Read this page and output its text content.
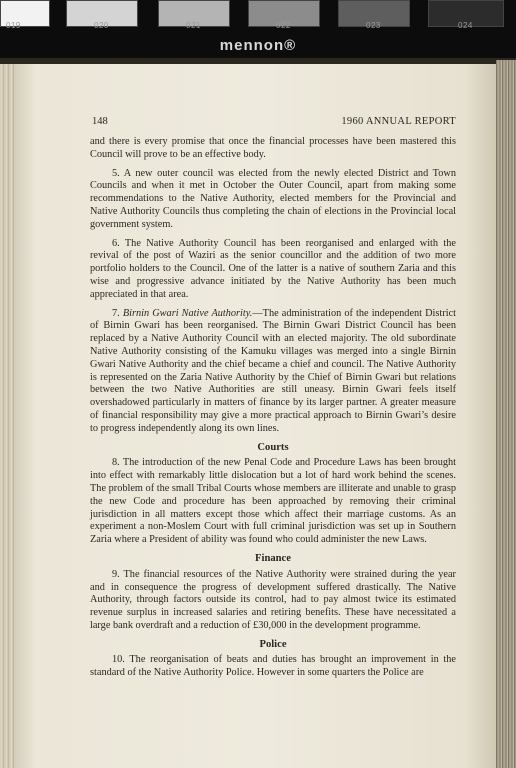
019	020	021	022	023	024
mennon®
148	1960 ANNUAL REPORT

and there is every promise that once the financial processes have been mastered this Council will prove to be an effective body.

5. A new outer council was elected from the newly elected District and Town Councils and when it met in October the Outer Council, apart from making some recommendations to the Native Authority, elected members for the Provincial and Native Authority Councils thus completing the chain of elections in the Provincial local government system.

6. The Native Authority Council has been reorganised and enlarged with the revival of the post of Waziri as the senior councillor and the addition of two more portfolio holders to the Council. One of the latter is a native of southern Zaria and this wise and progressive advance initiated by the Native Authority has been much appreciated in that area.

7. Birnin Gwari Native Authority.—The administration of the independent District of Birnin Gwari has been reorganised. The Birnin Gwari District Council has been replaced by a Native Authority Council with an elected majority. The old subordinate Native Authority consisting of the Kamuku villages was merged into a single Birnin Gwari Native Authority and the chief became a chief and council. The Native Authority is represented on the Zaria Native Authority by the Chief of Birnin Gwari but relations between the two Native Authorities are still uneasy. Birnin Gwari feels itself overshadowed particularly in matters of finance by its larger partner. A greater measure of financial responsibility may give a more practical approach to Birnin Gwari’s desire to progress independently along its own lines.

Courts

8. The introduction of the new Penal Code and Procedure Laws has been brought into effect with remarkably little dislocation but a lot of hard work behind the scenes. The problem of the small Tribal Courts whose members are illiterate and unable to grasp the new Code and procedure has been approached by removing their criminal jurisdiction in all matters except those which affect their marriage customs. As an experiment a non-Moslem Court with full criminal jurisdiction was set up in Southern Zaria where a President of ability was found who could administer the new Laws.

Finance

9. The financial resources of the Native Authority were strained during the year and in consequence the progress of development suffered drastically. The Native Authority, through factors outside its control, had to pay almost twice its estimated revenue surplus in increased salaries and retiring benefits. These have necessitated a large bank overdraft and a reduction of £30,000 in the development programme.

Police

10. The reorganisation of beats and duties has brought an improvement in the standard of the Native Authority Police. However in some quarters the Police are
